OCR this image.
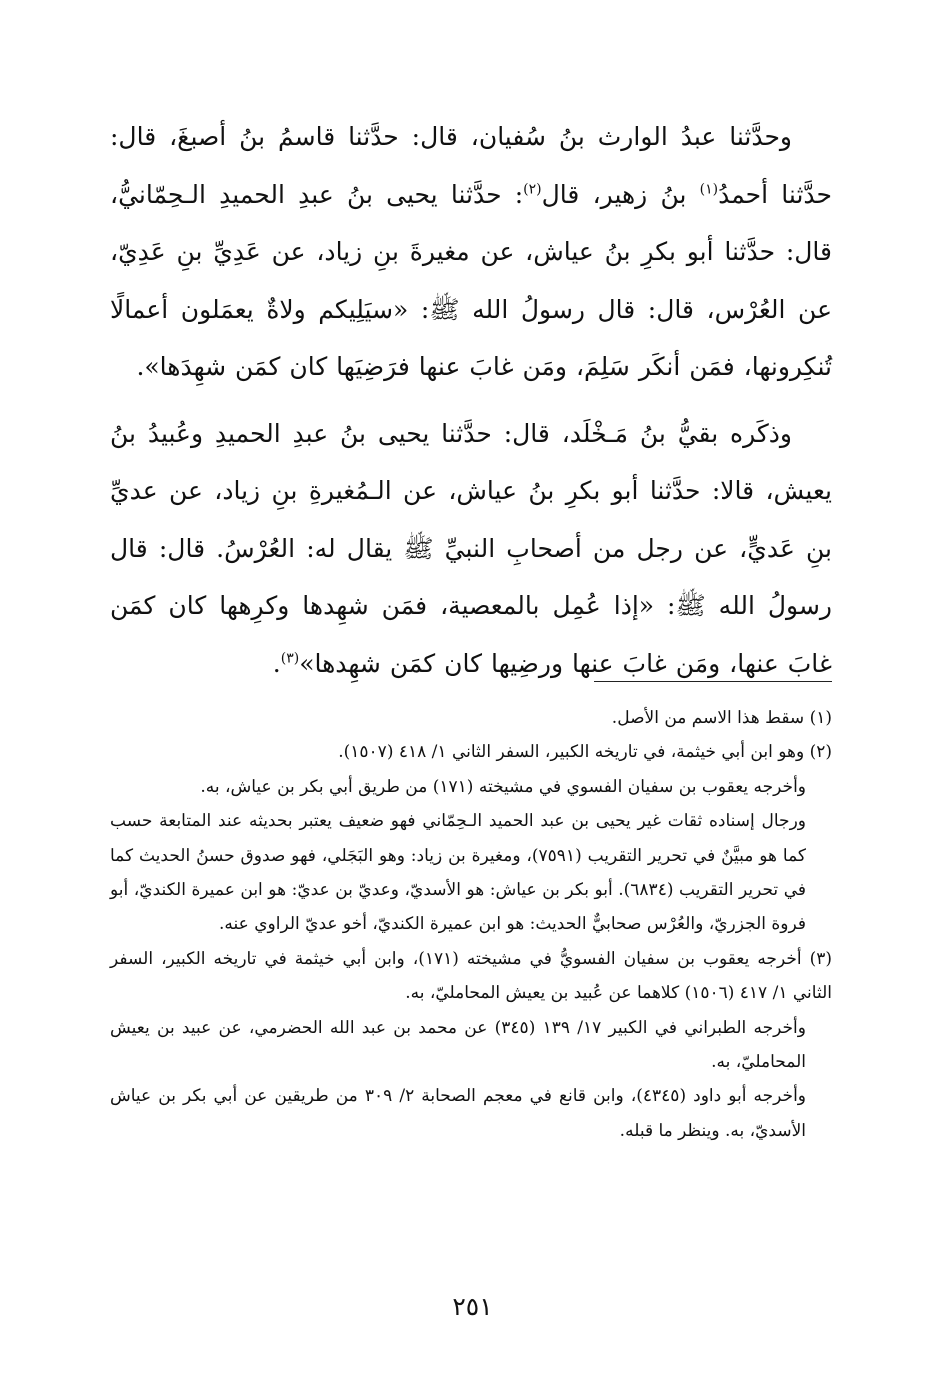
وحدَّثنا عبدُ الوارث بنُ سُفيان، قال: حدَّثنا قاسمُ بنُ أصبغَ، قال: حدَّثنا أحمدُ$^{(١)}$ بنُ زهير، قال$^{(٢)}$: حدَّثنا يحيى بنُ عبدِ الحميدِ الـحِمّانيُّ، قال: حدَّثنا أبو بكرِ بنُ عياش، عن مغيرةَ بنِ زياد، عن عَدِيِّ بنِ عَدِيّ، عن العُرْس، قال: قال رسولُ الله ﷺ: «سيَلِيكم ولاةٌ يعمَلون أعمالًا تُنكِرونها، فمَن أنكَر سَلِمَ، ومَن غابَ عنها فرَضِيَها كان كمَن شهِدَها».

وذكَره بقيُّ بنُ مَـخْلَد، قال: حدَّثنا يحيى بنُ عبدِ الحميدِ وعُبيدُ بنُ يعيش، قالا: حدَّثنا أبو بكرِ بنُ عياش، عن الـمُغيرةِ بنِ زياد، عن عديِّ بنِ عَديٍّ، عن رجل من أصحابِ النبيِّ ﷺ يقال له: العُرْسُ. قال: قال رسولُ الله ﷺ: «إذا عُمِل بالمعصية، فمَن شهِدها وكرِهها كان كمَن غابَ عنها، ومَن غابَ عنها ورضِيها كان كمَن شهِدها»$^{(٣)}$.

(١) سقط هذا الاسم من الأصل.

(٢) وهو ابن أبي خيثمة، في تاريخه الكبير، السفر الثاني ١/ ٤١٨ (١٥٠٧).

وأخرجه يعقوب بن سفيان الفسوي في مشيخته (١٧١) من طريق أبي بكر بن عياش، به.

ورجال إسناده ثقات غير يحيى بن عبد الحميد الـحِمّاني فهو ضعيف يعتبر بحديثه عند المتابعة حسب كما هو مبيَّنٌ في تحرير التقريب (٧٥٩١)، ومغيرة بن زياد: وهو البَجَلي، فهو صدوق حسنُ الحديث كما في تحرير التقريب (٦٨٣٤). أبو بكر بن عياش: هو الأسديّ، وعديّ بن عديّ: هو ابن عميرة الكنديّ، أبو فروة الجزريّ، والعُرْس صحابيٌّ الحديث: هو ابن عميرة الكنديّ، أخو عديّ الراوي عنه.

(٣) أخرجه يعقوب بن سفيان الفسويُّ في مشيخته (١٧١)، وابن أبي خيثمة في تاريخه الكبير، السفر الثاني ١/ ٤١٧ (١٥٠٦) كلاهما عن عُبيد بن يعيش المحامليّ، به.

وأخرجه الطبراني في الكبير ١٧/ ١٣٩ (٣٤٥) عن محمد بن عبد الله الحضرمي، عن عبيد بن يعيش المحامليّ، به.

وأخرجه أبو داود (٤٣٤٥)، وابن قانع في معجم الصحابة ٢/ ٣٠٩ من طريقين عن أبي بكر بن عياش الأسديّ، به. وينظر ما قبله.

٢٥١
